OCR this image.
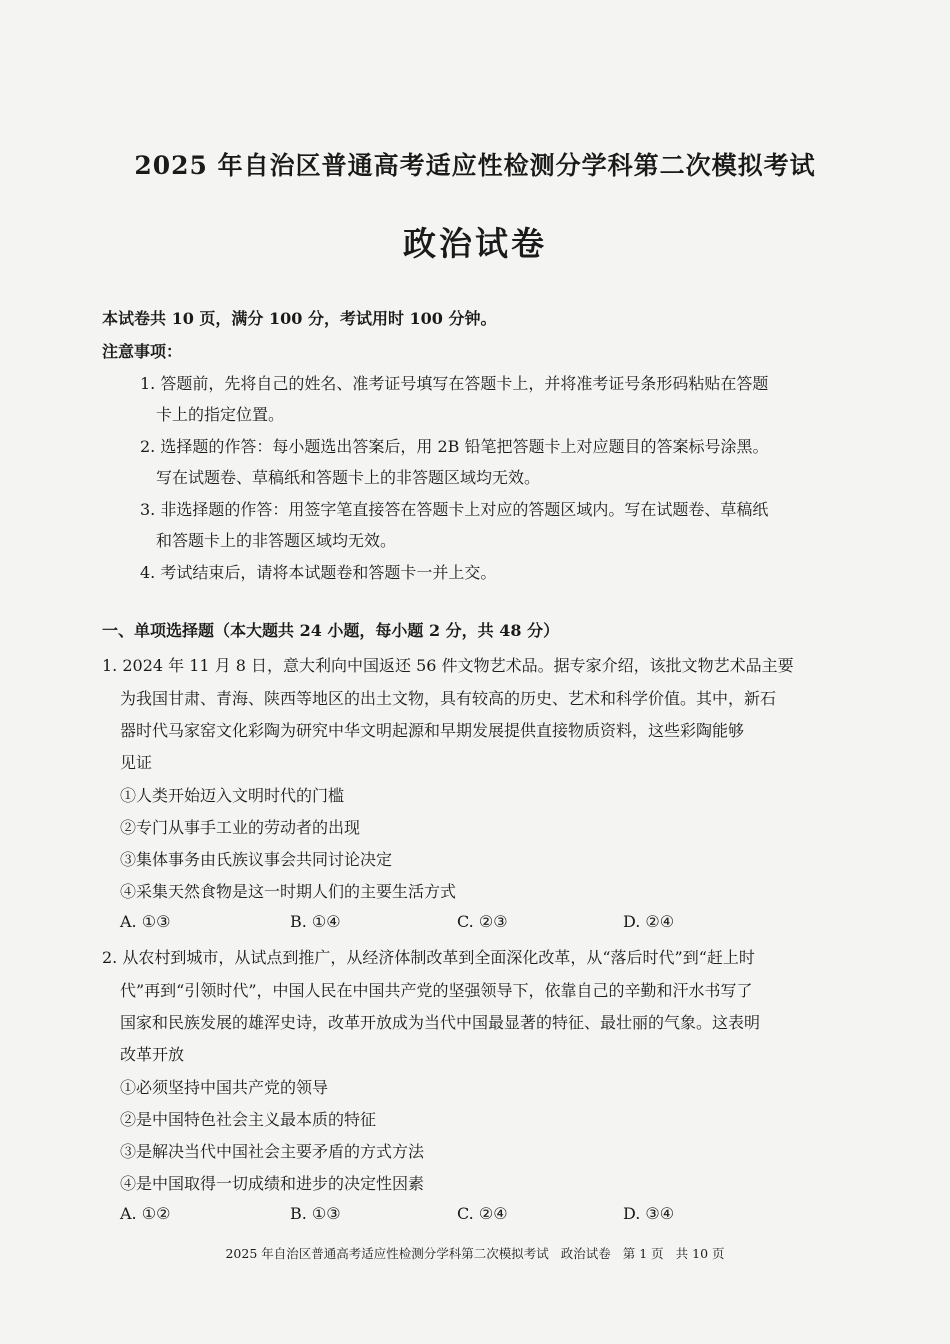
2025 年自治区普通高考适应性检测分学科第二次模拟考试
政治试卷
本试卷共 10 页，满分 100 分，考试用时 100 分钟。
注意事项：
1. 答题前，先将自己的姓名、准考证号填写在答题卡上，并将准考证号条形码粘贴在答题
卡上的指定位置。
2. 选择题的作答：每小题选出答案后，用 2B 铅笔把答题卡上对应题目的答案标号涂黑。
写在试题卷、草稿纸和答题卡上的非答题区域均无效。
3. 非选择题的作答：用签字笔直接答在答题卡上对应的答题区域内。写在试题卷、草稿纸
和答题卡上的非答题区域均无效。
4. 考试结束后，请将本试题卷和答题卡一并上交。
一、单项选择题（本大题共 24 小题，每小题 2 分，共 48 分）
1. 2024 年 11 月 8 日，意大利向中国返还 56 件文物艺术品。据专家介绍，该批文物艺术品主要
为我国甘肃、青海、陕西等地区的出土文物，具有较高的历史、艺术和科学价值。其中，新石
器时代马家窑文化彩陶为研究中华文明起源和早期发展提供直接物质资料，这些彩陶能够
见证
①人类开始迈入文明时代的门槛
②专门从事手工业的劳动者的出现
③集体事务由氏族议事会共同讨论决定
④采集天然食物是这一时期人们的主要生活方式
A. ①③	B. ①④	C. ②③	D. ②④
2. 从农村到城市，从试点到推广，从经济体制改革到全面深化改革，从“落后时代”到“赶上时
代”再到“引领时代”，中国人民在中国共产党的坚强领导下，依靠自己的辛勤和汗水书写了
国家和民族发展的雄浑史诗，改革开放成为当代中国最显著的特征、最壮丽的气象。这表明
改革开放
①必须坚持中国共产党的领导
②是中国特色社会主义最本质的特征
③是解决当代中国社会主要矛盾的方式方法
④是中国取得一切成绩和进步的决定性因素
A. ①②	B. ①③	C. ②④	D. ③④
2025 年自治区普通高考适应性检测分学科第二次模拟考试 政治试卷 第 1 页 共 10 页
